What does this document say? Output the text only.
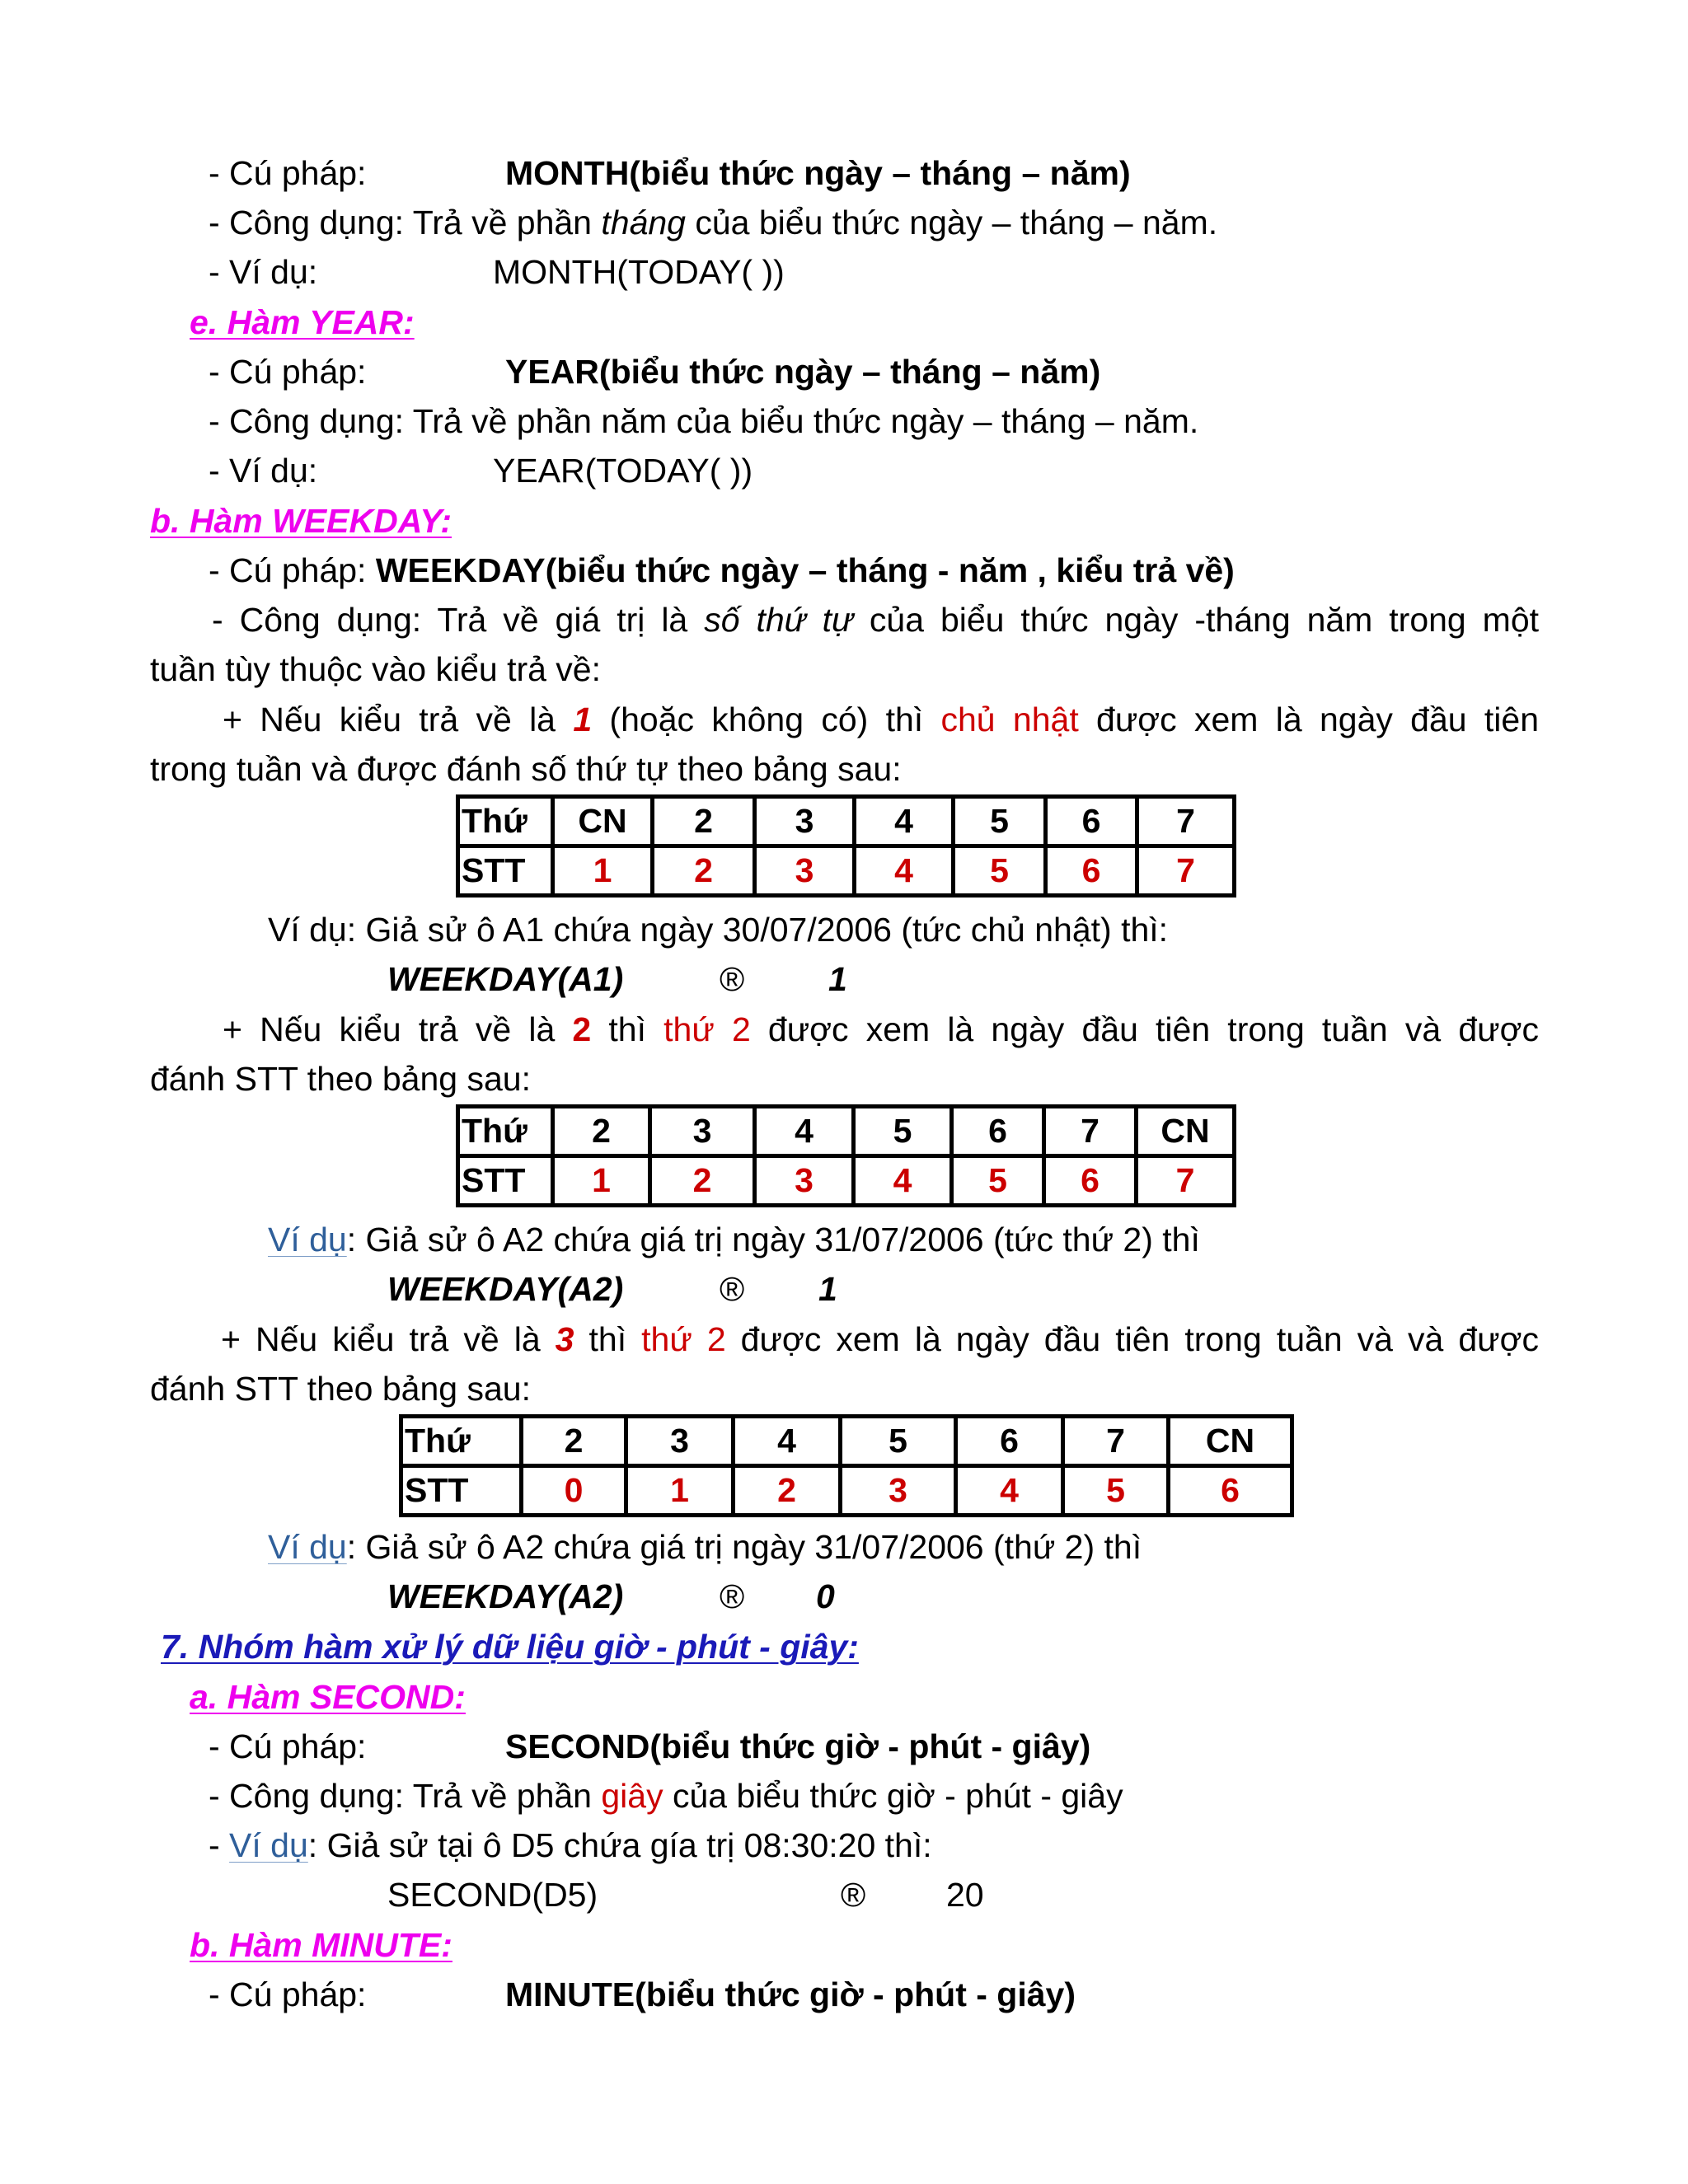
- Cú pháp:	MONTH(biểu thức ngày – tháng – năm)
- Công dụng: Trả về phần tháng của biểu thức ngày – tháng – năm.
- Ví dụ:	MONTH(TODAY( ))
e. Hàm YEAR:
- Cú pháp:	YEAR(biểu thức ngày – tháng – năm)
- Công dụng: Trả về phần năm của biểu thức ngày – tháng – năm.
- Ví dụ:	YEAR(TODAY( ))
b. Hàm WEEKDAY:
- Cú pháp: WEEKDAY(biểu thức ngày – tháng - năm , kiểu trả về)
- Công dụng: Trả về giá trị là số thứ tự của biểu thức ngày -tháng năm trong một
tuần tùy thuộc vào kiểu trả về:
+ Nếu kiểu trả về là 1 (hoặc không có) thì chủ nhật được xem là ngày đầu tiên
trong tuần và được đánh số thứ tự theo bảng sau:
Thứ	CN	2	3	4	5	6	7
STT	1	2	3	4	5	6	7
Ví dụ: Giả sử ô A1 chứa ngày 30/07/2006 (tức chủ nhật) thì:
WEEKDAY(A1)	® 1
+ Nếu kiểu trả về là 2 thì thứ 2 được xem là ngày đầu tiên trong tuần và được
đánh STT theo bảng sau:
Thứ	2	3	4	5	6	7	CN
STT	1	2	3	4	5	6	7
Ví dụ: Giả sử ô A2 chứa giá trị ngày 31/07/2006 (tức thứ 2) thì
WEEKDAY(A2)	® 1
+ Nếu kiểu trả về là 3 thì thứ 2 được xem là ngày đầu tiên trong tuần và và được
đánh STT theo bảng sau:
Thứ	2	3	4	5	6	7	CN
STT	0	1	2	3	4	5	6
Ví dụ: Giả sử ô A2 chứa giá trị ngày 31/07/2006 (thứ 2) thì
WEEKDAY(A2)	® 0
7. Nhóm hàm xử lý dữ liệu giờ - phút - giây:
a. Hàm SECOND:
- Cú pháp:	SECOND(biểu thức giờ - phút - giây)
- Công dụng: Trả về phần giây của biểu thức giờ - phút - giây
- Ví dụ: Giả sử tại ô D5 chứa gía trị 08:30:20 thì:
SECOND(D5)	® 20
b. Hàm MINUTE:
- Cú pháp:	MINUTE(biểu thức giờ - phút - giây)
